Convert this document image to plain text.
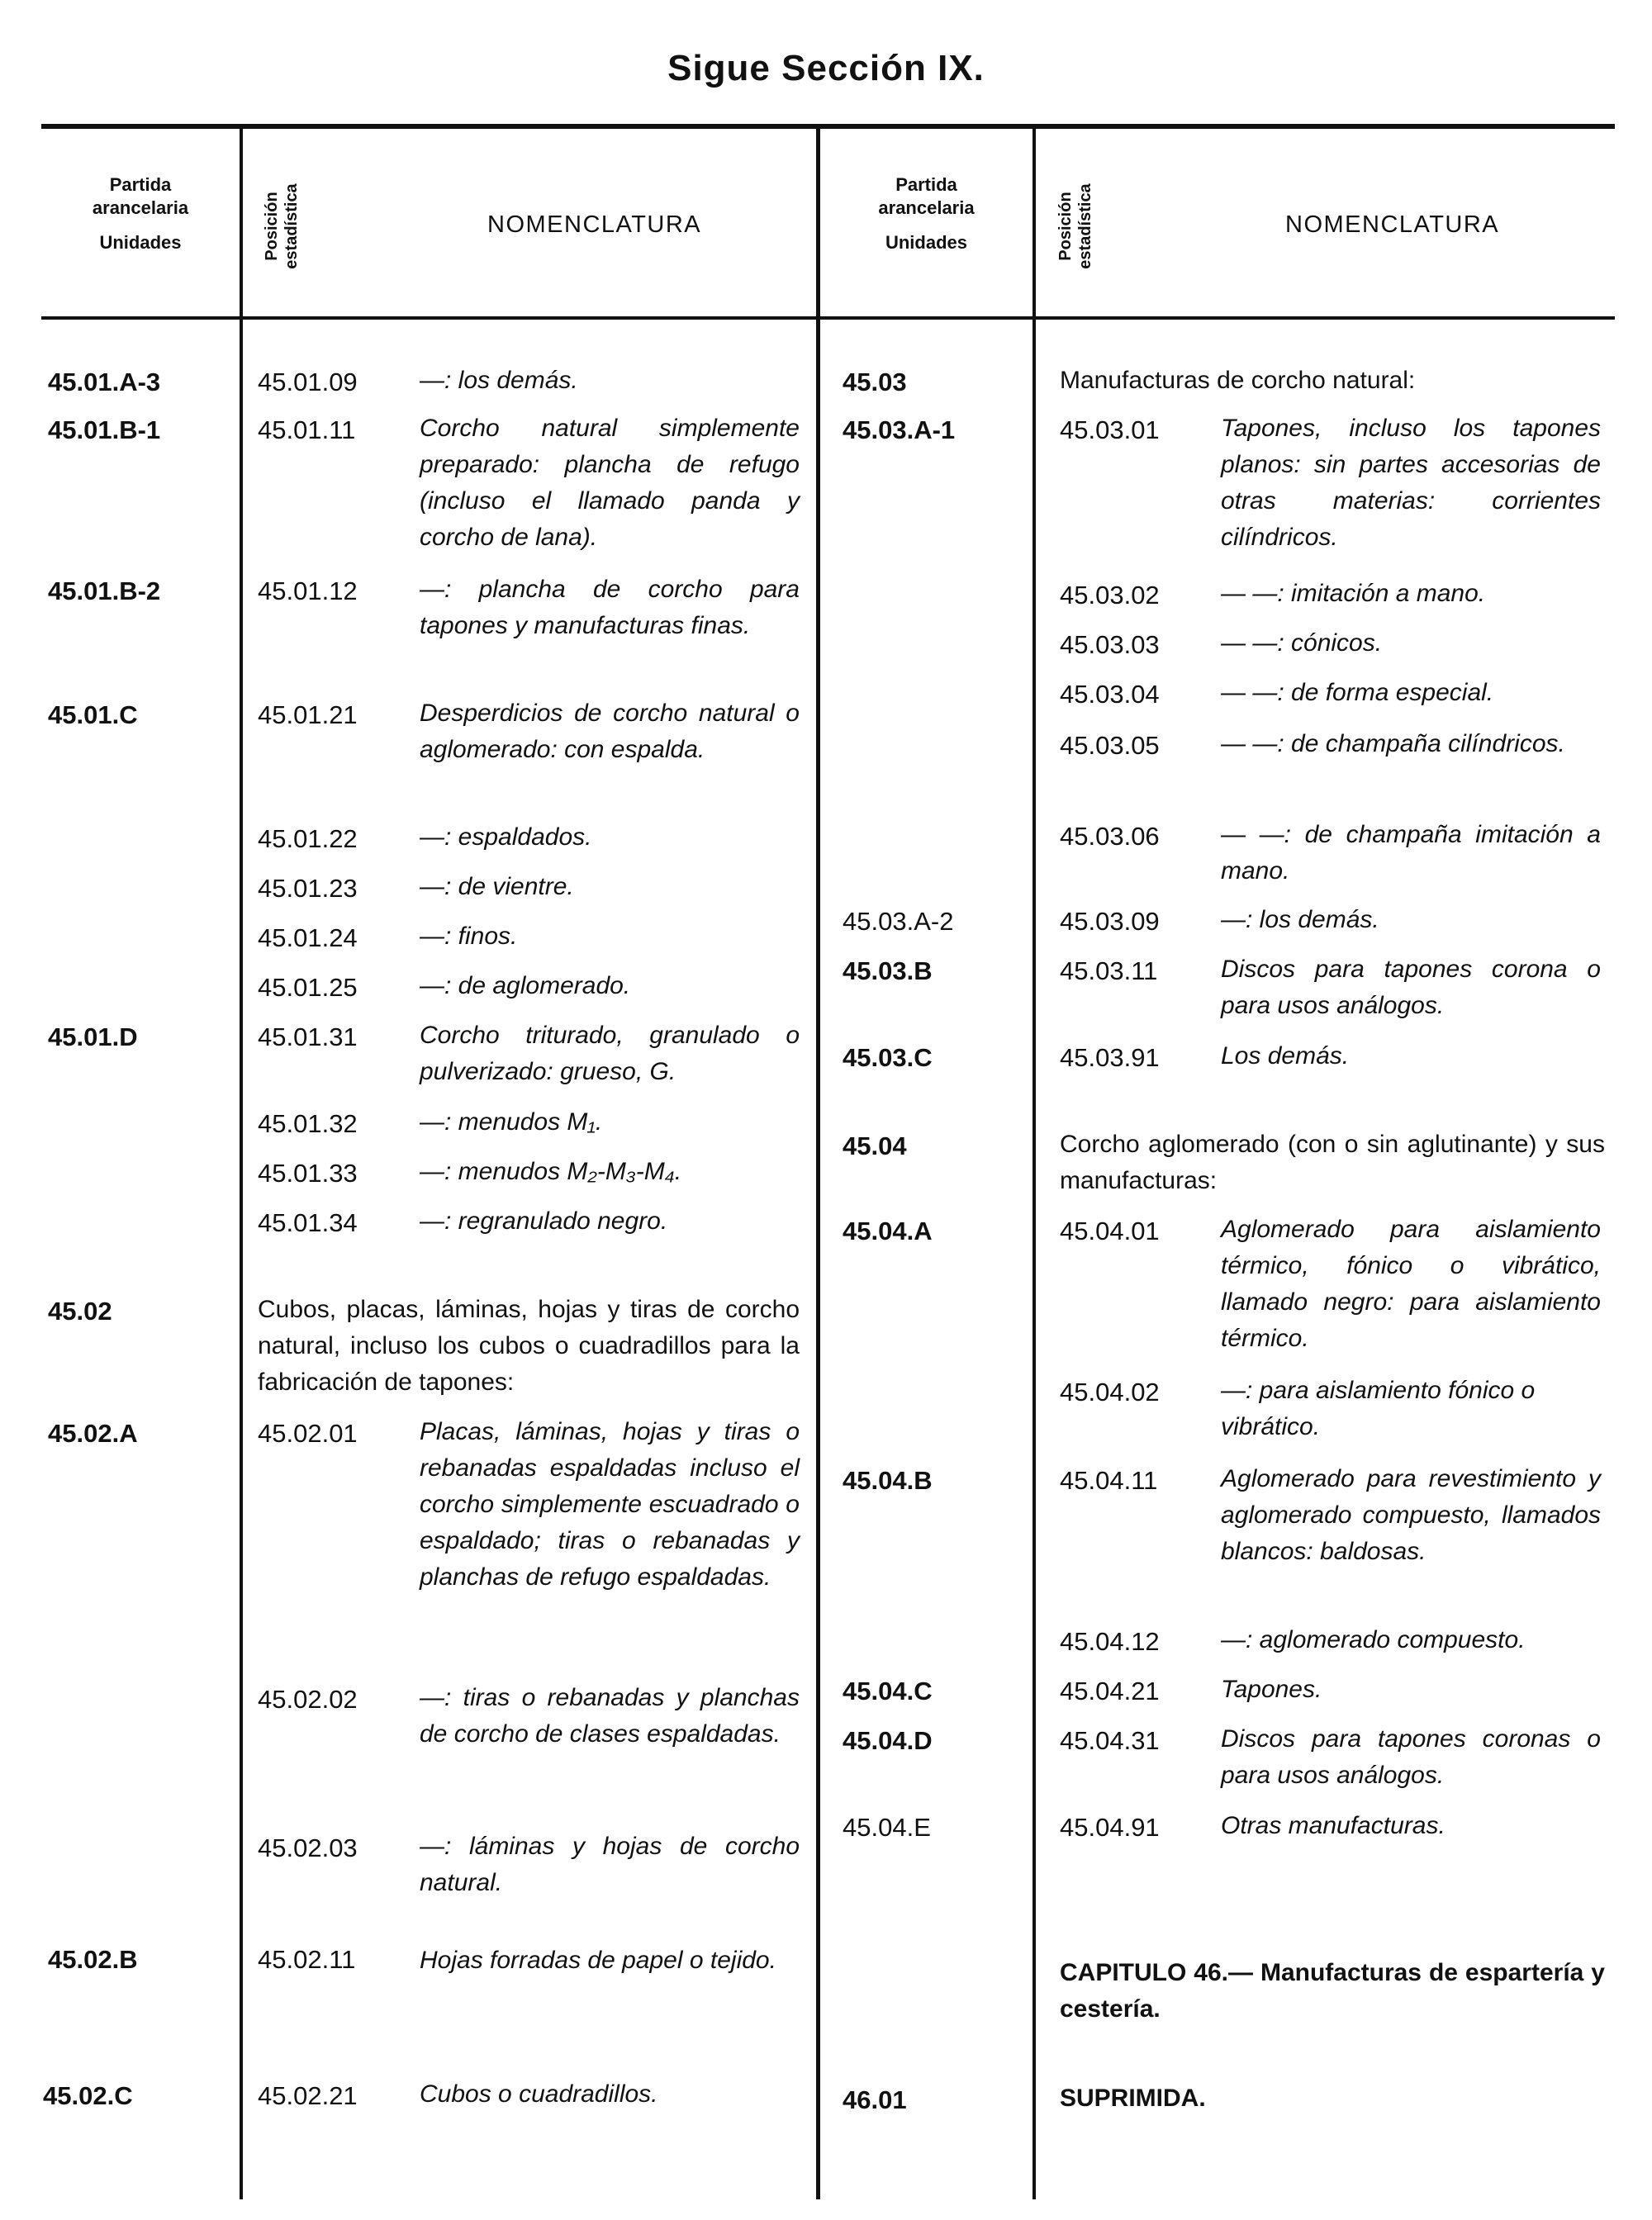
Sigue Sección IX.
Partida
arancelaria
Unidades	Posición estadística	NOMENCLATURA
Partida
arancelaria
Unidades	Posición estadística	NOMENCLATURA
45.01.A-3	45.01.09	—: los demás.
45.01.B-1	45.01.11	Corcho natural simplemente preparado: plancha de refugo (incluso el llamado panda y corcho de lana).
45.01.B-2	45.01.12	—: plancha de corcho para tapones y manufacturas finas.
45.01.C	45.01.21	Desperdicios de corcho natural o aglomerado: con espalda.
45.01.22	—: espaldados.
45.01.23	—: de vientre.
45.01.24	—: finos.
45.01.25	—: de aglomerado.
45.01.D	45.01.31	Corcho triturado, granulado o pulverizado: grueso, G.
45.01.32	—: menudos M₁.
45.01.33	—: menudos M₂-M₃-M₄.
45.01.34	—: regranulado negro.
45.02	Cubos, placas, láminas, hojas y tiras de corcho natural, incluso los cubos o cuadradillos para la fabricación de tapones:
45.02.A	45.02.01	Placas, láminas, hojas y tiras o rebanadas espaldadas incluso el corcho simplemente escuadrado o espaldado; tiras o rebanadas y planchas de refugo espaldadas.
45.02.02	—: tiras o rebanadas y planchas de corcho de clases espaldadas.
45.02.03	—: láminas y hojas de corcho natural.
45.02.B	45.02.11	Hojas forradas de papel o tejido.
45.02.C	45.02.21	Cubos o cuadradillos.
45.03	Manufacturas de corcho natural:
45.03.A-1	45.03.01 Tapones, incluso los tapones planos: sin partes accesorias de otras materias: corrientes cilíndricos.
45.03.02 — —: imitación a mano.
45.03.03 — —: cónicos.
45.03.04 — —: de forma especial.
45.03.05 — —: de champaña cilíndricos.
45.03.06 — —: de champaña imitación a mano.
45.03.A-2	45.03.09 —: los demás.
45.03.B	45.03.11	Discos para tapones corona o para usos análogos.
45.03.C	45.03.91 Los demás.
45.04	Corcho aglomerado (con o sin aglutinante) y sus manufacturas:
45.04.A	45.04.01 Aglomerado para aislamiento térmico, fónico o vibrático, llamado negro: para aislamiento térmico.
45.04.02 —: para aislamiento fónico o vibrático.
45.04.B	45.04.11	Aglomerado para revestimiento y aglomerado compuesto, llamados blancos: baldosas.
45.04.12 —: aglomerado compuesto.
45.04.C	45.04.21 Tapones.
45.04.D	45.04.31 Discos para tapones coronas o para usos análogos.
45.04.E	45.04.91 Otras manufacturas.
CAPITULO 46.— Manufacturas de espartería y cestería.
46.01	SUPRIMIDA.
